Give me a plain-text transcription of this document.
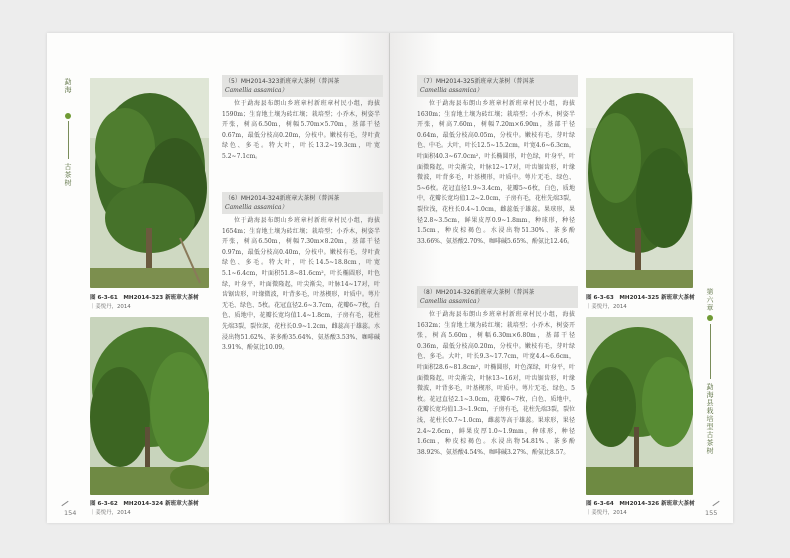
勐海
古茶树
图 6-3-61　MH2014-323 新班章大茶树
｜姜悦丹，2014
图 6-3-62　MH2014-324 新班章大茶树
｜姜悦丹，2014
（5）MH2014-323新班章大茶树（普洱茶
Camellia assamica）

位于勐海县布朗山乡班章村新班章村民小组，海拔1590m；生育地土壤为砖红壤；栽培型；小乔木，树姿半开张，树高6.50m，树幅5.70m×5.70m，基部干径0.67m，最低分枝高0.20m，分枝中。嫩枝有毛，芽叶黄绿色、多毛。特大叶，叶长13.2~19.3cm，叶宽5.2~7.1cm。

（6）MH2014-324新班章大茶树（普洱茶
Camellia assamica）

位于勐海县布朗山乡班章村新班章村民小组，海拔1654m；生育地土壤为砖红壤；栽培型；小乔木，树姿半开张，树高6.50m，树幅7.30m×8.20m，基部干径0.97m，最低分枝高0.40m，分枝中。嫩枝有毛，芽叶黄绿色、多毛。特大叶，叶长14.5~18.8cm，叶宽5.1~6.4cm，叶面积51.8~81.6cm²，叶长椭圆形，叶色绿，叶身平，叶面微隆起，叶尖渐尖，叶脉14~17对，叶齿锯齿形，叶缘微波，叶背多毛，叶基楔形，叶质中。萼片无毛、绿色、5枚。花冠直径2.6~3.7cm，花瓣6~7枚，白色、质地中，花瓣长宽均值1.4~1.8cm，子房有毛，花柱先端3裂，裂位深，花柱长0.9~1.2cm，雌蕊高于雄蕊。水浸出物51.62%、茶多酚35.64%、氨基酸3.53%、咖啡碱3.91%、酚氨比10.09。

154
（7）MH2014-325新班章大茶树（普洱茶
Camellia assamica）

位于勐海县布朗山乡班章村新班章村民小组，海拔1630m；生育地土壤为砖红壤；栽培型；小乔木，树姿半开张，树高7.60m，树幅7.20m×6.90m，基部干径0.64m，最低分枝高0.05m，分枝中。嫩枝有毛，芽叶绿色、中毛。大叶，叶长12.5~15.2cm，叶宽4.6~6.3cm，叶面积40.3~67.0cm²，叶长椭圆形，叶色绿，叶身平，叶面微隆起，叶尖渐尖，叶脉12~17对，叶齿锯齿形，叶缘微波，叶背多毛，叶基楔形，叶质中。萼片无毛、绿色、5~6枚。花冠直径1.9~3.4cm，花瓣5~6枚，白色，质地中，花瓣长宽均值1.2~2.0cm，子房有毛，花柱先端3裂，裂位浅，花柱长0.4~1.0cm，雌蕊低于雄蕊。果球形，果径2.8~3.5cm，鲜果皮厚0.9~1.8mm，种球形，种径1.5cm，种皮棕褐色。水浸出物51.30%、茶多酚33.66%、氨基酸2.70%、咖啡碱5.65%、酚氨比12.46。

（8）MH2014-326新班章大茶树（普洱茶
Camellia assamica）

位于勐海县布朗山乡班章村新班章村民小组，海拔1632m；生育地土壤为砖红壤；栽培型；小乔木，树姿开张，树高5.60m，树幅6.30m×6.80m，基部干径0.36m，最低分枝高0.20m，分枝中。嫩枝有毛，芽叶绿色、多毛。大叶，叶长9.3~17.7cm，叶宽4.4~6.6cm，叶面积28.6~81.8cm²，叶椭圆形，叶色深绿，叶身平，叶面微隆起，叶尖渐尖，叶脉13~16对，叶齿锯齿形，叶缘微波，叶背多毛，叶基楔形，叶质中。萼片无毛、绿色、5枚。花冠直径2.1~3.0cm，花瓣6~7枚，白色、质地中，花瓣长宽均值1.3~1.9cm，子房有毛，花柱先端3裂，裂位浅，花柱长0.7~1.0cm，雌蕊等高于雄蕊。果球形，果径2.4~2.6cm，鲜果皮厚1.0~1.9mm，种球形，种径1.6cm，种皮棕褐色。水浸出物54.81%、茶多酚38.92%、氨基酸4.54%、咖啡碱3.27%、酚氨比8.57。

图 6-3-63　MH2014-325 新班章大茶树
｜姜悦丹，2014
图 6-3-64　MH2014-326 新班章大茶树
｜姜悦丹，2014
第六章
勐海县栽培型古茶树
155
